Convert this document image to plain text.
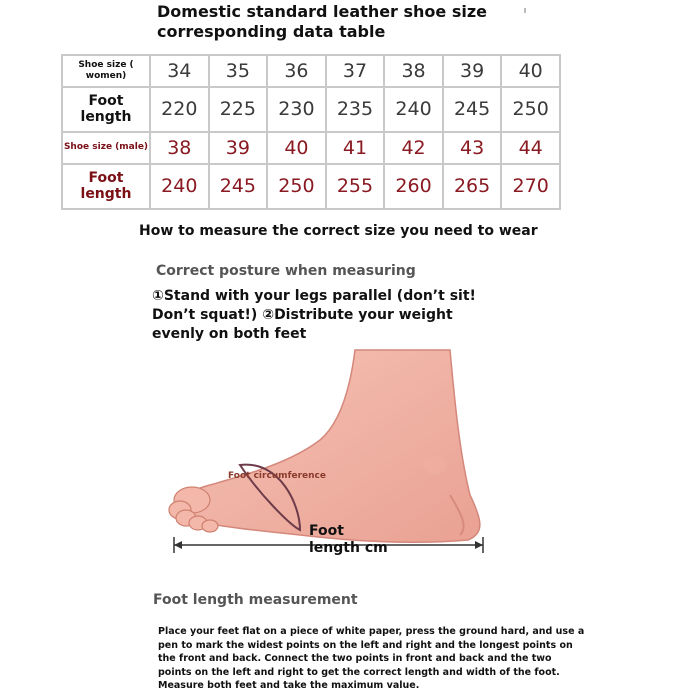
Domestic standard leather shoe size
corresponding data table
Shoe size ( women)	34	35	36	37	38	39	40
Foot length	220	225	230	235	240	245	250
Shoe size (male)	38	39	40	41	42	43	44
Foot length	240	245	250	255	260	265	270
How to measure the correct size you need to wear
Correct posture when measuring
①Stand with your legs parallel (don’t sit! Don’t squat!) ②Distribute your weight evenly on both feet
Foot circumference
Foot
length cm
Foot length measurement
Place your feet flat on a piece of white paper, press the ground hard, and use a pen to mark the widest points on the left and right and the longest points on the front and back. Connect the two points in front and back and the two points on the left and right to get the correct length and width of the foot. Measure both feet and take the maximum value.
